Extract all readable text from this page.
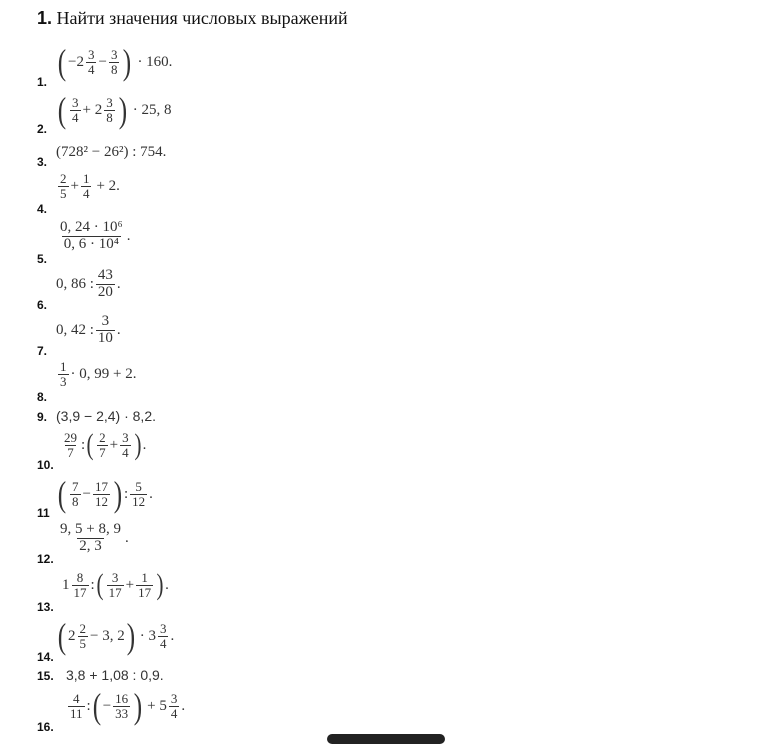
1. Найти значения числовых выражений
1. ( $-2 \frac{3}{4} - \frac{3}{8}$ ) · 160.
2. ( $\frac{3}{4} + 2 \frac{3}{8}$ ) · 25, 8
3.
(728² − 26²) : 754.
4.
$\frac{2}{5} + \frac{1}{4} + 2$.
5.
$\frac{\text{0, 24 · 10⁶}}{\text{0, 6 · 10⁴}}$ .
6.
0, 86 : $\frac{43}{20}$ .
7.
0, 42 : $\frac{3}{10}$ .
8.
$\frac{1}{3} \cdot 0$, 99 + 2.
9. (3,9 − 2,4) · 8,2.
10.
$\frac{29}{7}$ : ( $\frac{2}{7} + \frac{3}{4}$ ) .
11 ( $\frac{7}{8} - \frac{17}{12}$ ) : $\frac{5}{12}$ .
12.
$\frac{9, 5 + 8, 9}{2, 3}$ .
13.
$1 \frac{8}{17}$ : ( $\frac{3}{17} + \frac{1}{17}$ ) .
14.
( $2 \frac{2}{5} - 3$, 2 ) · $3 \frac{3}{4}$ .
15. 3,8 + 1,08 : 0,9.
16.
$\frac{4}{11}$ : ( − $\frac{16}{33}$ ) + $5 \frac{3}{4}$ .
